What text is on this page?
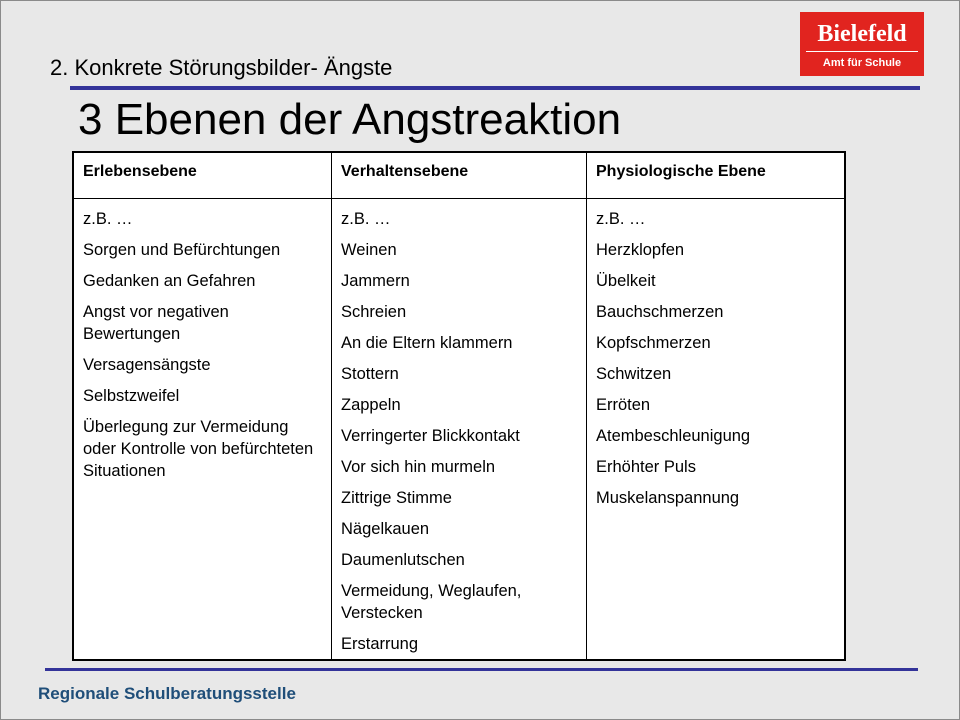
2. Konkrete Störungsbilder- Ängste
3 Ebenen der Angstreaktion
Bielefeld
Amt für Schule
Erlebensebene	Verhaltensebene	Physiologische Ebene
z.B. …
Sorgen und Befürchtungen
Gedanken an Gefahren
Angst vor negativen Bewertungen
Versagensängste
Selbstzweifel
Überlegung zur Vermeidung oder Kontrolle von befürchteten Situationen
z.B. …
Weinen
Jammern
Schreien
An die Eltern klammern
Stottern
Zappeln
Verringerter Blickkontakt
Vor sich hin murmeln
Zittrige Stimme
Nägelkauen
Daumenlutschen
Vermeidung, Weglaufen, Verstecken
Erstarrung
z.B. …
Herzklopfen
Übelkeit
Bauchschmerzen
Kopfschmerzen
Schwitzen
Erröten
Atembeschleunigung
Erhöhter Puls
Muskelanspannung
Regionale Schulberatungsstelle
